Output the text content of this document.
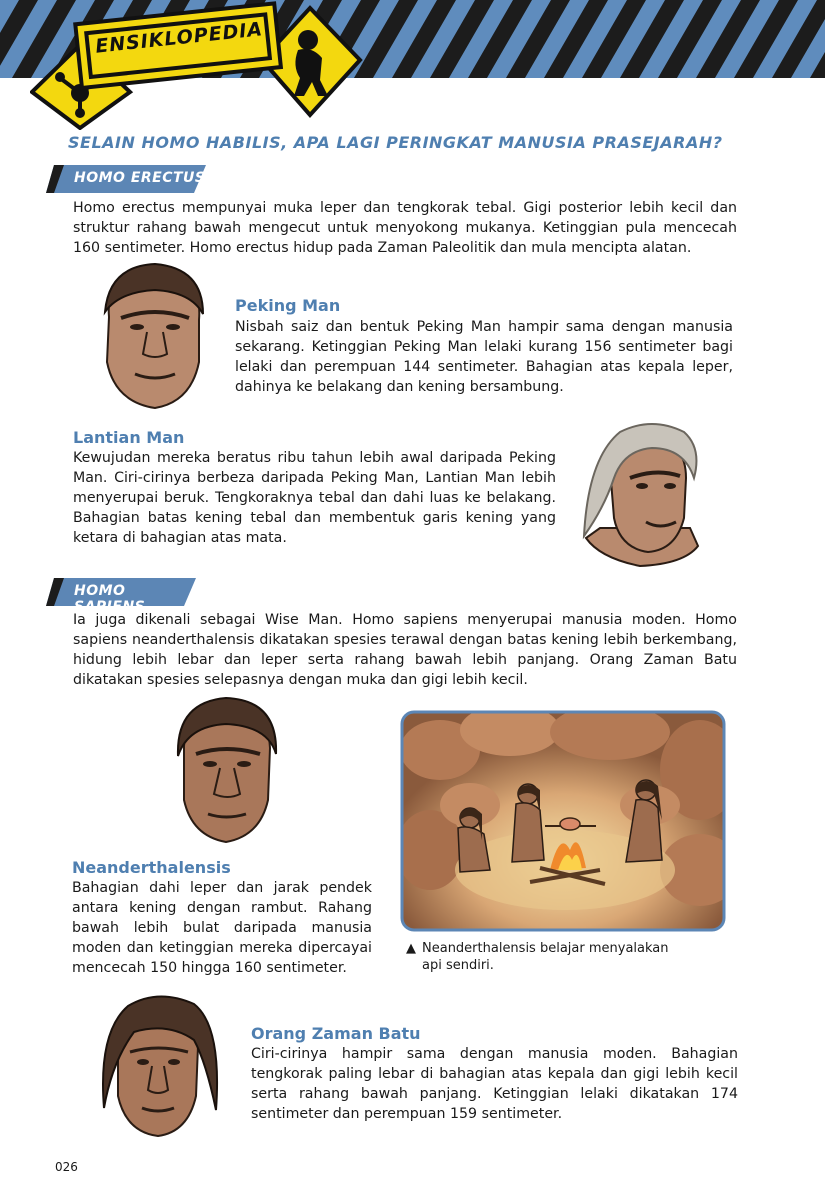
ENSIKLOPEDIA
SELAIN HOMO HABILIS, APA LAGI PERINGKAT MANUSIA PRASEJARAH?
HOMO ERECTUS
Homo erectus mempunyai muka leper dan tengkorak tebal. Gigi posterior lebih kecil dan struktur rahang bawah mengecut untuk menyokong mukanya. Ketinggian pula mencecah 160 sentimeter. Homo erectus hidup pada Zaman Paleolitik dan mula mencipta alatan.
Peking Man
Nisbah saiz dan bentuk Peking Man hampir sama dengan manusia sekarang. Ketinggian Peking Man lelaki kurang 156 sentimeter bagi lelaki dan perempuan 144 sentimeter. Bahagian atas kepala leper, dahinya ke belakang dan kening bersambung.
Lantian Man
Kewujudan mereka beratus ribu tahun lebih awal daripada Peking Man. Ciri-cirinya berbeza daripada Peking Man, Lantian Man lebih menyerupai beruk. Tengkoraknya tebal dan dahi luas ke belakang. Bahagian batas kening tebal dan membentuk garis kening yang ketara di bahagian atas mata.
HOMO SAPIENS
Ia juga dikenali sebagai Wise Man. Homo sapiens menyerupai manusia moden. Homo sapiens neanderthalensis dikatakan spesies terawal dengan batas kening lebih berkembang, hidung lebih lebar dan leper serta rahang bawah lebih panjang. Orang Zaman Batu dikatakan spesies selepasnya dengan muka dan gigi lebih kecil.
Neanderthalensis
Bahagian dahi leper dan jarak pendek antara kening dengan rambut. Rahang bawah lebih bulat daripada manusia moden dan ketinggian mereka dipercayai mencecah 150 hingga 160 sentimeter.
▲ Neanderthalensis belajar menyalakan api sendiri.
Orang Zaman Batu
Ciri-cirinya hampir sama dengan manusia moden. Bahagian tengkorak paling lebar di bahagian atas kepala dan gigi lebih kecil serta rahang bawah panjang. Ketinggian lelaki dikatakan 174 sentimeter dan perempuan 159 sentimeter.
026
